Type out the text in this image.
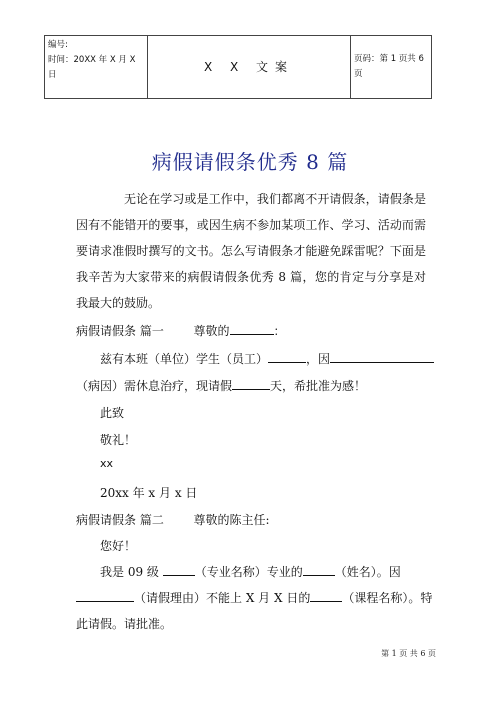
编号:
时间：20XX 年 X 月 X
日
	X X 文案	页码：第 1 页共 6 页
病假请假条优秀 8 篇
无论在学习或是工作中，我们都离不开请假条，请假条是因有不能错开的要事，或因生病不参加某项工作、学习、活动而需要请求准假时撰写的文书。怎么写请假条才能避免踩雷呢？下面是我辛苦为大家带来的病假请假条优秀 8 篇，您的肯定与分享是对我最大的鼓励。
病假请假条 篇一 尊敬的	：
兹有本班（单位）学生（员工）	，因
（病因）需休息治疗，现请假	天，希批准为感！
此致
敬礼！
xx
20xx 年 x 月 x 日
病假请假条 篇二 尊敬的陈主任:
您好！
我是 09 级	（专业名称）专业的	（姓名）。因
（请假理由）不能上 X 月 X 日的	（课程名称）。特
此请假。请批准。
第 1 页 共 6 页
